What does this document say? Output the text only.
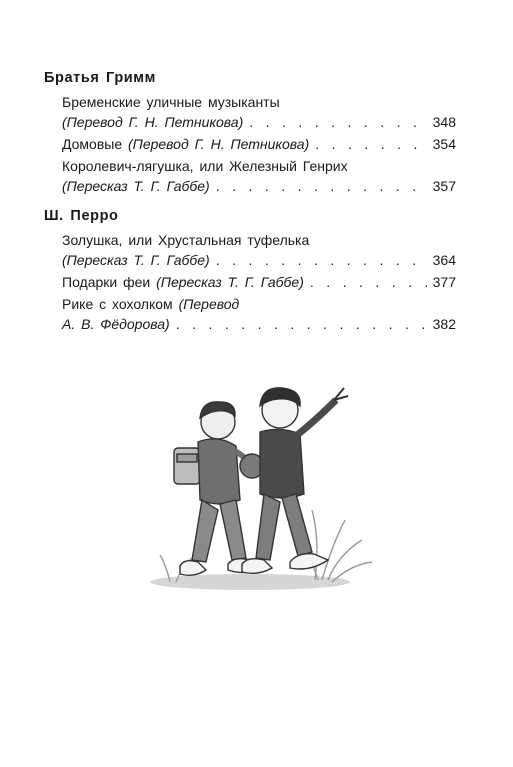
Братья Гримм
Бременские уличные музыканты
(Перевод Г. Н. Петникова) . . .	348
Домовые
(Перевод Г. Н. Петникова) . . .	354
Королевич-лягушка, или Железный Генрих
(Пересказ Т. Г. Габбе) . . .	357
Ш. Перро
Золушка, или Хрустальная туфелька
(Пересказ Т. Г. Габбе) . . .	364
Подарки феи
(Пересказ Т. Г. Габбе) . . .	377
Рике с хохолком
(Перевод
А. В. Фёдорова) . . .	382
